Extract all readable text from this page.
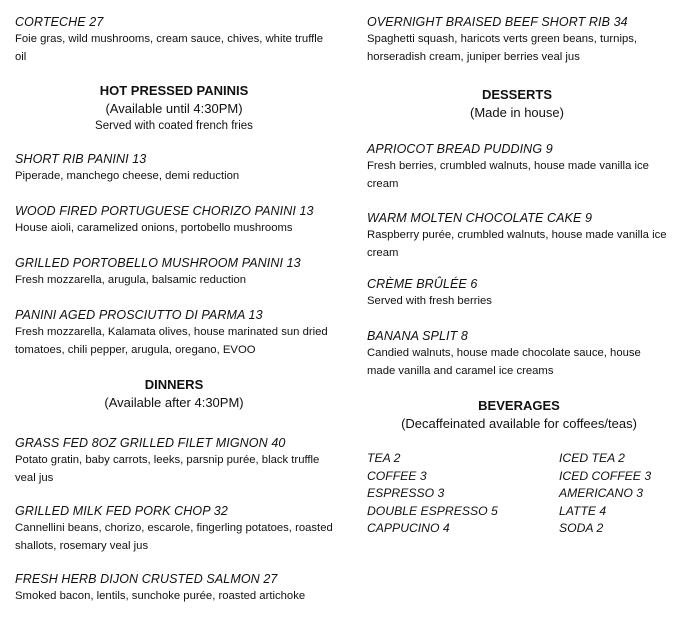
CORTECHE 27
Foie gras, wild mushrooms, cream sauce, chives, white truffle oil
HOT PRESSED PANINIS
(Available until 4:30PM)
Served with coated french fries
SHORT RIB PANINI 13
Piperade, manchego cheese, demi reduction
WOOD FIRED PORTUGUESE CHORIZO PANINI 13
House aioli, caramelized onions, portobello mushrooms
GRILLED PORTOBELLO MUSHROOM PANINI 13
Fresh mozzarella, arugula, balsamic reduction
PANINI AGED PROSCIUTTO DI PARMA 13
Fresh mozzarella, Kalamata olives, house marinated sun dried tomatoes, chili pepper, arugula, oregano, EVOO
DINNERS
(Available after 4:30PM)
GRASS FED 8OZ GRILLED FILET MIGNON 40
Potato gratin, baby carrots, leeks, parsnip purée, black truffle veal jus
GRILLED MILK FED PORK CHOP 32
Cannellini beans, chorizo, escarole, fingerling potatoes, roasted shallots, rosemary veal jus
FRESH HERB DIJON CRUSTED SALMON 27
Smoked bacon, lentils, sunchoke purée, roasted artichoke
OVERNIGHT BRAISED BEEF SHORT RIB 34
Spaghetti squash, haricots verts green beans, turnips, horseradish cream, juniper berries veal jus
DESSERTS
(Made in house)
APRIOCOT BREAD PUDDING 9
Fresh berries, crumbled walnuts, house made vanilla ice cream
WARM MOLTEN CHOCOLATE CAKE 9
Raspberry purée, crumbled walnuts, house made vanilla ice cream
CRÈME BRÛLÉE 6
Served with fresh berries
BANANA SPLIT 8
Candied walnuts, house made chocolate sauce, house made vanilla and caramel ice creams
BEVERAGES
(Decaffeinated available for coffees/teas)
TEA 2
COFFEE 3
ESPRESSO 3
DOUBLE ESPRESSO 5
CAPPUCINO 4
ICED TEA 2
ICED COFFEE 3
AMERICANO 3
LATTE 4
SODA 2
